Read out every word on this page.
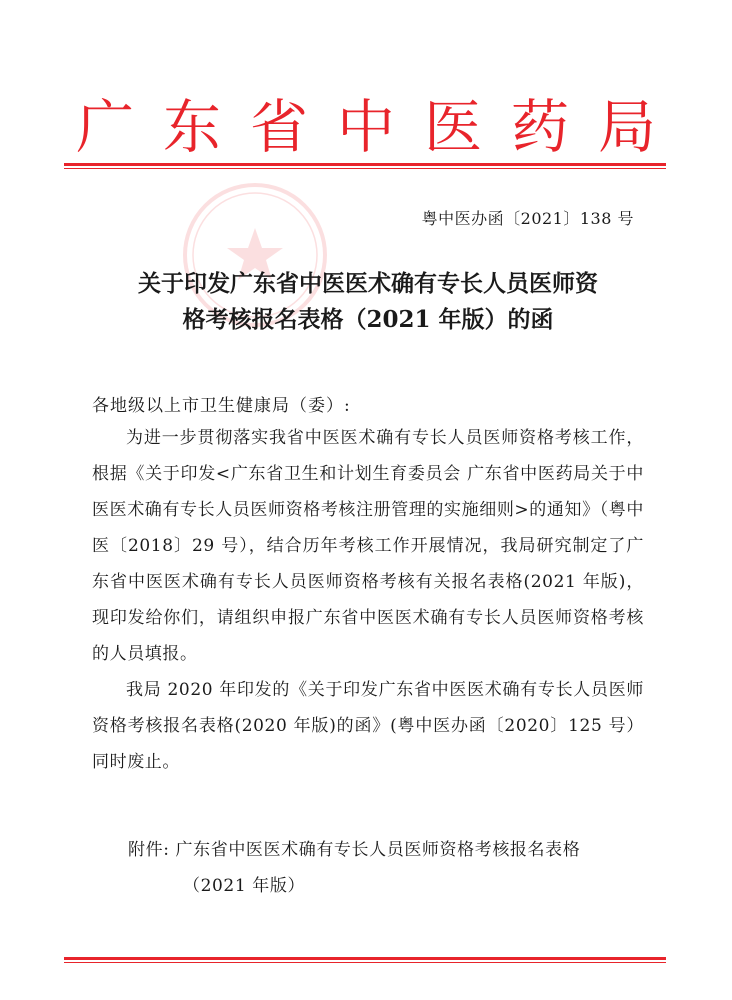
广 东 省 中 医 药 局
粤中医办函〔2021〕138 号
关于印发广东省中医医术确有专长人员医师资
格考核报名表格（2021 年版）的函
各地级以上市卫生健康局（委）:

为进一步贯彻落实我省中医医术确有专长人员医师资格考核工作，根据《关于印发<广东省卫生和计划生育委员会 广东省中医药局关于中医医术确有专长人员医师资格考核注册管理的实施细则>的通知》（粤中医〔2018〕29 号），结合历年考核工作开展情况，我局研究制定了广东省中医医术确有专长人员医师资格考核有关报名表格(2021 年版)，现印发给你们，请组织申报广东省中医医术确有专长人员医师资格考核的人员填报。

我局 2020 年印发的《关于印发广东省中医医术确有专长人员医师资格考核报名表格(2020 年版)的函》(粤中医办函〔2020〕125 号）同时废止。

附件: 广东省中医医术确有专长人员医师资格考核报名表格
（2021 年版）
